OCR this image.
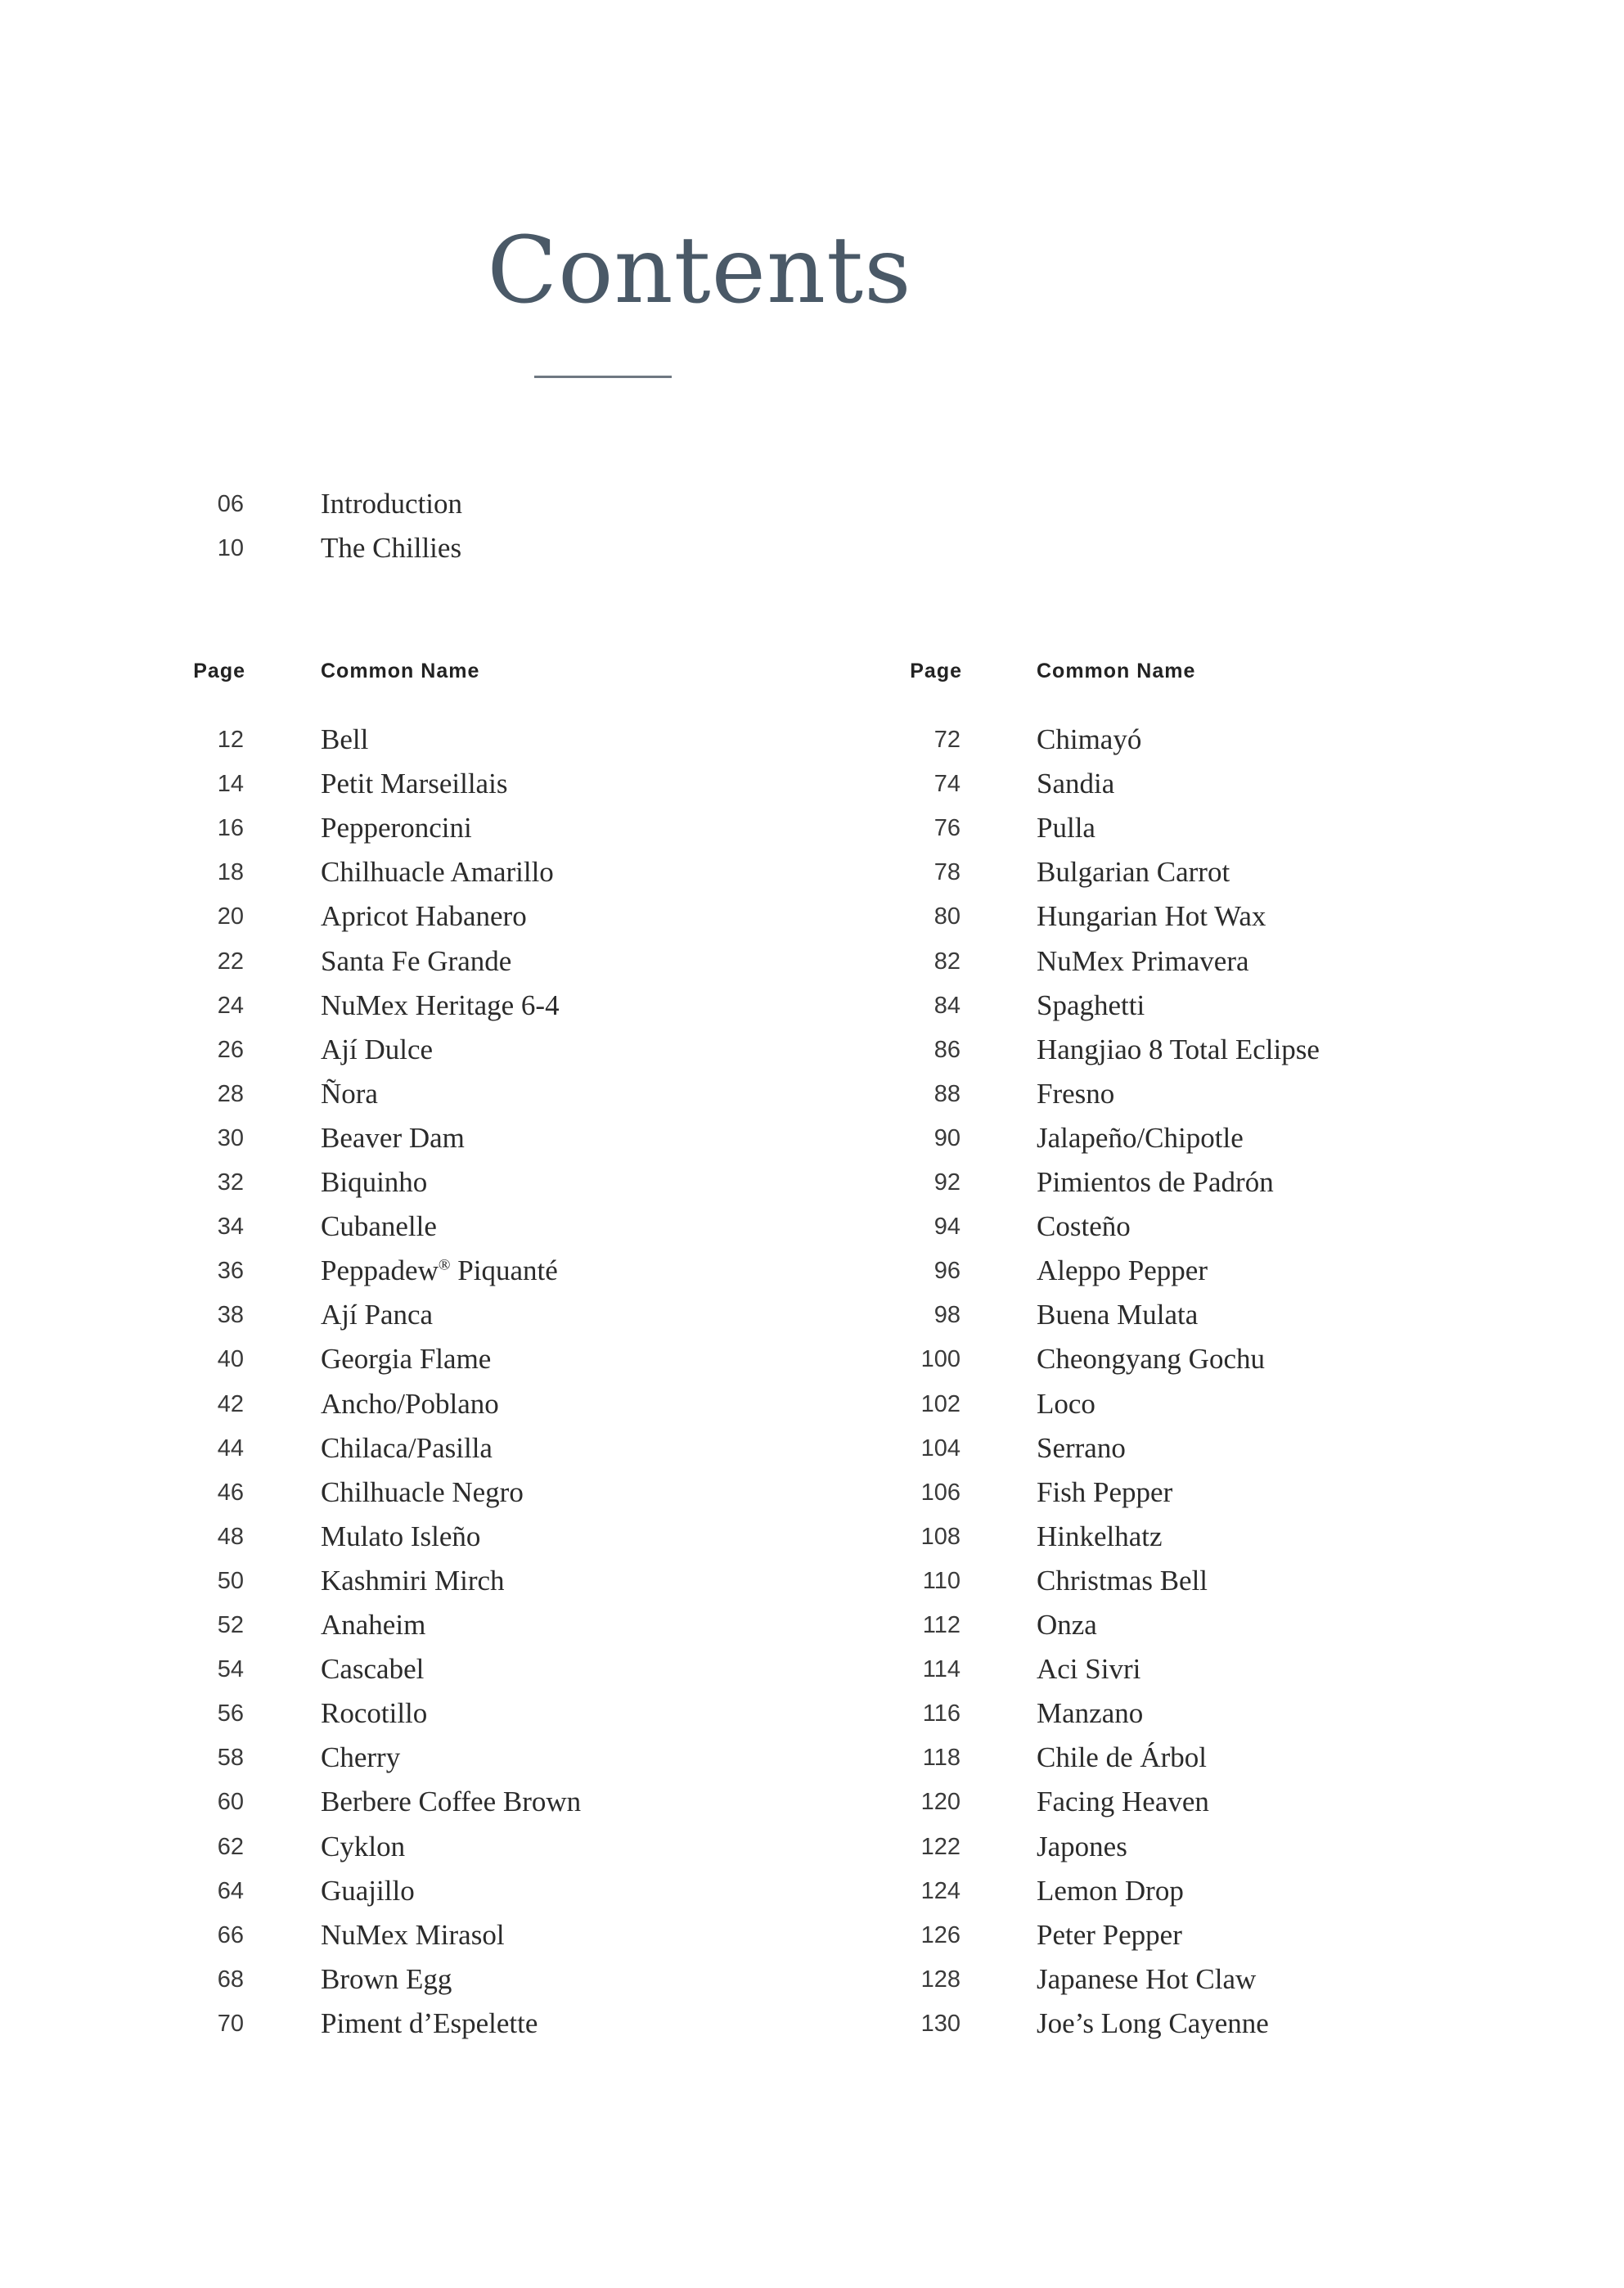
Contents
06	Introduction
10	The Chillies
Page	Common Name	Page	Common Name
12	Bell
14	Petit Marseillais
16	Pepperoncini
18	Chilhuacle Amarillo
20	Apricot Habanero
22	Santa Fe Grande
24	NuMex Heritage 6-4
26	Ají Dulce
28	Ñora
30	Beaver Dam
32	Biquinho
34	Cubanelle
36	Peppadew® Piquanté
38	Ají Panca
40	Georgia Flame
42	Ancho/Poblano
44	Chilaca/Pasilla
46	Chilhuacle Negro
48	Mulato Isleño
50	Kashmiri Mirch
52	Anaheim
54	Cascabel
56	Rocotillo
58	Cherry
60	Berbere Coffee Brown
62	Cyklon
64	Guajillo
66	NuMex Mirasol
68	Brown Egg
70	Piment d’Espelette
72	Chimayó
74	Sandia
76	Pulla
78	Bulgarian Carrot
80	Hungarian Hot Wax
82	NuMex Primavera
84	Spaghetti
86	Hangjiao 8 Total Eclipse
88	Fresno
90	Jalapeño/Chipotle
92	Pimientos de Padrón
94	Costeño
96	Aleppo Pepper
98	Buena Mulata
100	Cheongyang Gochu
102	Loco
104	Serrano
106	Fish Pepper
108	Hinkelhatz
110	Christmas Bell
112	Onza
114	Aci Sivri
116	Manzano
118	Chile de Árbol
120	Facing Heaven
122	Japones
124	Lemon Drop
126	Peter Pepper
128	Japanese Hot Claw
130	Joe’s Long Cayenne
